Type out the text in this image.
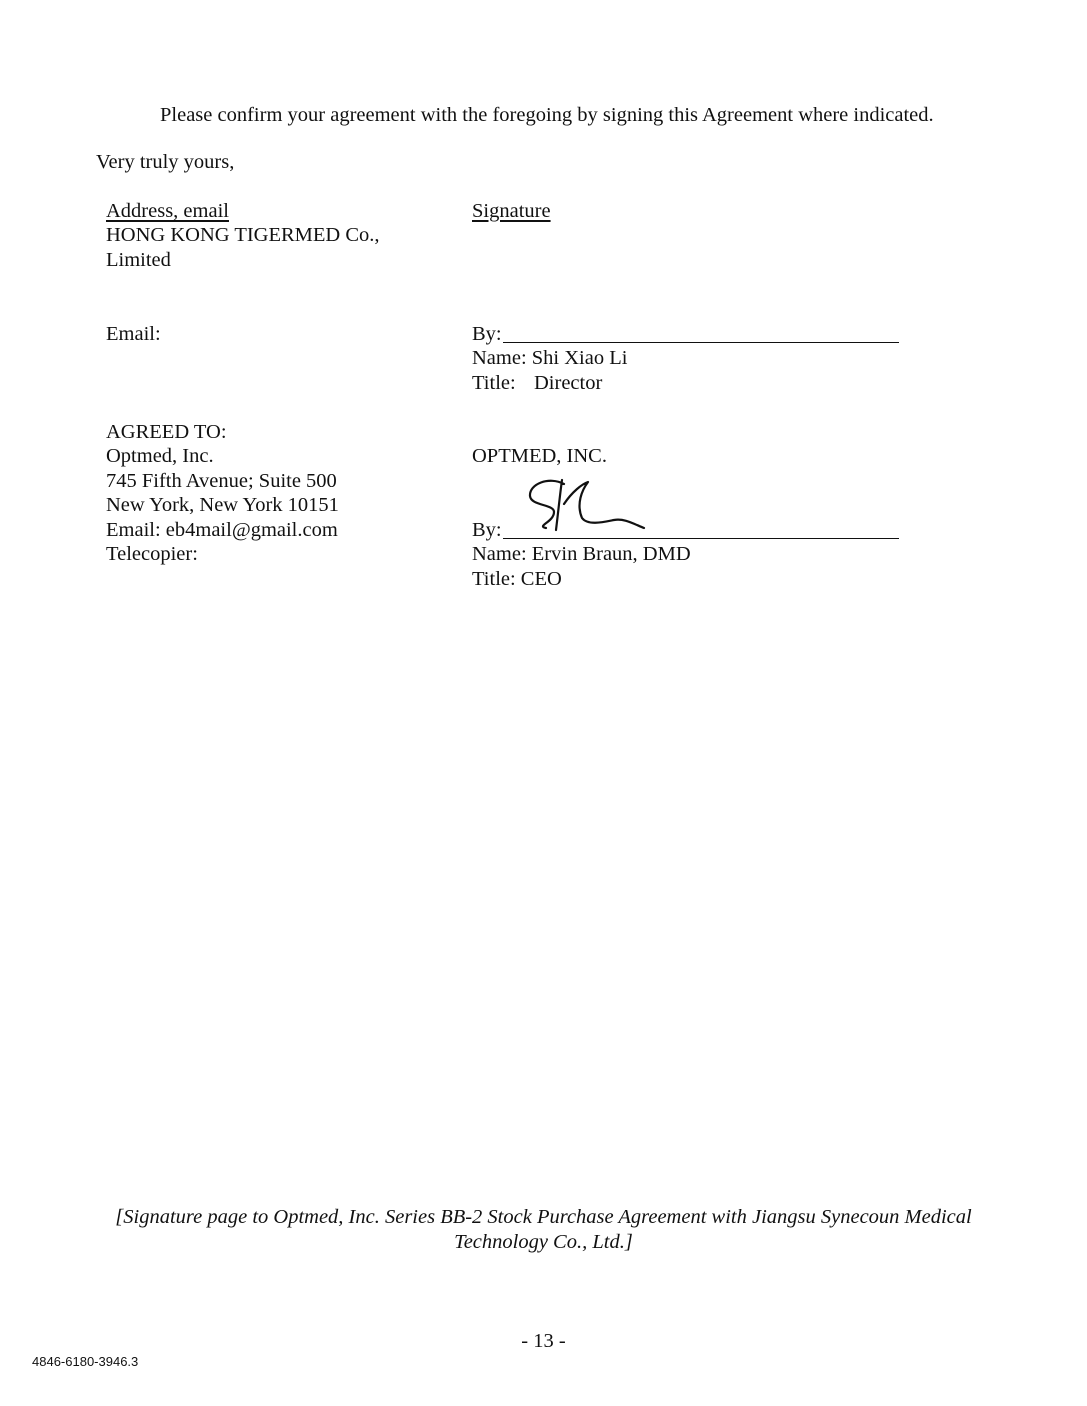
Please confirm your agreement with the foregoing by signing this Agreement where indicated.
Very truly yours,
Address, email
HONG KONG TIGERMED Co.,
Limited
Email:
AGREED TO:
Optmed, Inc.
745 Fifth Avenue; Suite 500
New York, New York 10151
Email: eb4mail@gmail.com
Telecopier:
Signature
By:
Name: Shi Xiao Li
Title: Director
OPTMED, INC.
By:
Name: Ervin Braun, DMD
Title: CEO
[Signature page to Optmed, Inc. Series BB-2 Stock Purchase Agreement with Jiangsu Synecoun Medical Technology Co., Ltd.]
- 13 -
4846-6180-3946.3
